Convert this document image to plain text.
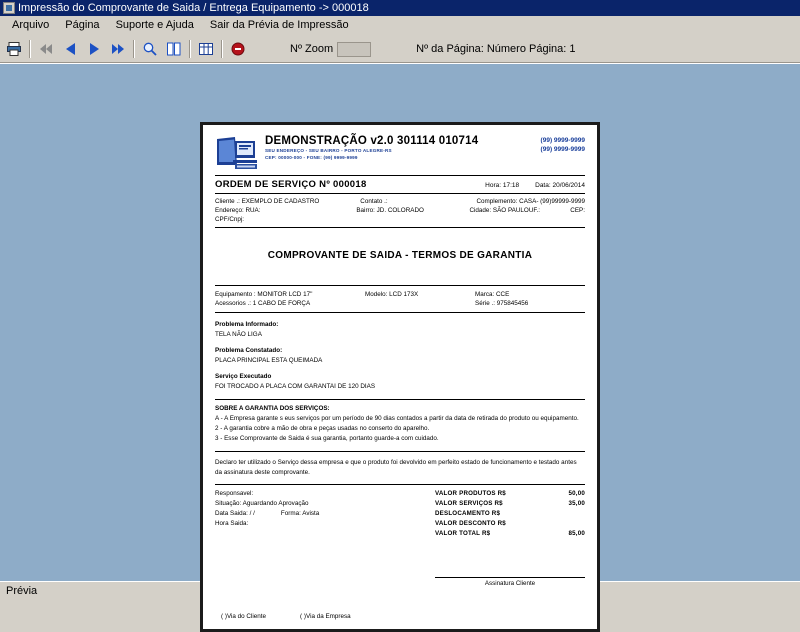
Impressão do Comprovante de Saida / Entrega Equipamento -> 000018
Arquivo	Página	Suporte e Ajuda	Sair da Prévia de Impressão
Nº Zoom	Nº da Página: Número Página: 1
DEMONSTRAÇÃO v2.0 301114 010714
SEU ENDEREÇO - SEU BAIRRO - PORTO ALEGRE-RS
CEP: 00000-000 - FONE: (99) 9999-9999
(99) 9999-9999
(99) 9999-9999
ORDEM DE SERVIÇO Nº 000018	Hora: 17:18 Data: 20/06/2014
Cliente .: EXEMPLO DE CADASTRO	Contato .:	Complemento: CASA - (99)99999-9999
Endereço: RUA:	Bairro: JD. COLORADO	Cidade: SÃO PAULO UF.:	CEP:
CPF/Cnpj:
COMPROVANTE DE SAIDA - TERMOS DE GARANTIA
Equipamento : MONITOR LCD 17''	Modelo: LCD 173X	Marca: CCE
Acessorios .: 1 CABO DE FORÇA	Série .: 975845456
Problema Informado:
TELA NÃO LIGA
Problema Constatado:
PLACA PRINCIPAL ESTA QUEIMADA
Serviço Executado
FOI TROCADO A PLACA COM GARANTAI DE 120 DIAS
SOBRE A GARANTIA DOS SERVIÇOS:
A - A Empresa garante s eus serviços por um período de 90 dias contados a partir da data de retirada do produto ou equipamento.
2 - A garantia cobre a mão de obra e peças usadas no conserto do aparelho.
3 - Esse Comprovante de Saida é sua garantia, portanto guarde-a com cuidado.
Declaro ter utilizado o Serviço dessa empresa e que o produto foi devolvido em perfeito estado de funcionamento e testado antes da assinatura deste comprovante.
Responsavel:
Situação: Aguardando Aprovação
Data Saida: / /	Forma: Avista
Hora Saida:
VALOR PRODUTOS R$	50,00
VALOR SERVIÇOS R$	35,00
DESLOCAMENTO R$
VALOR DESCONTO R$
VALOR TOTAL R$	85,00
Assinatura Cliente
( )Via do Cliente	( )Via da Empresa
Prévia
